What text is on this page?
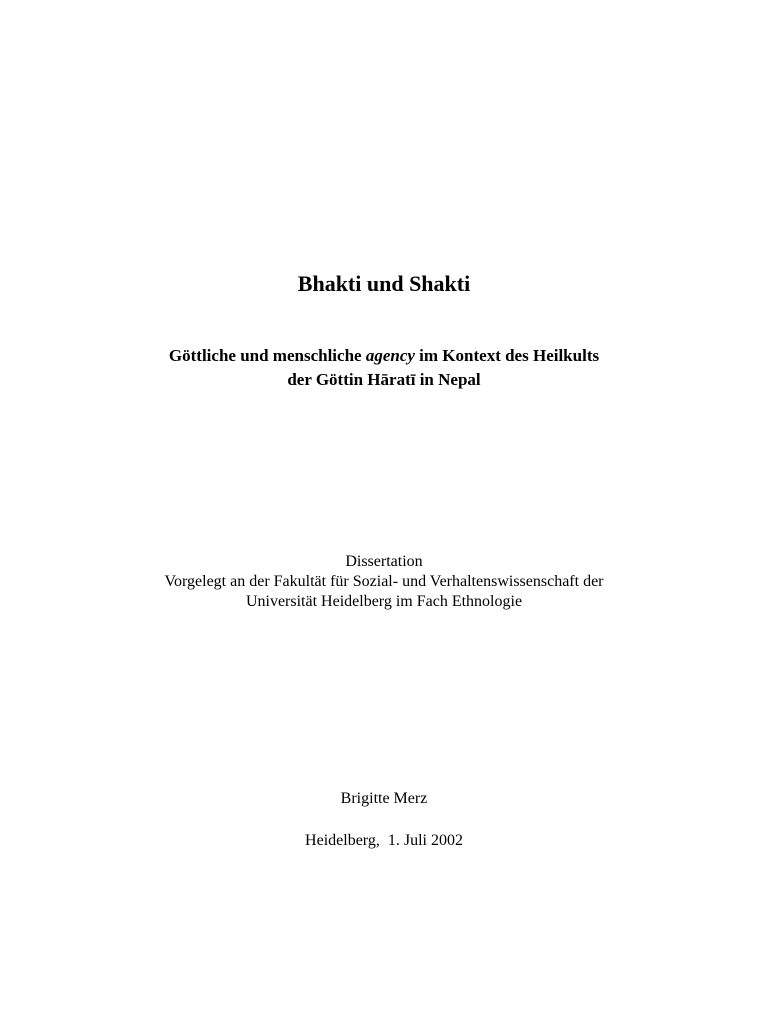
Bhakti und Shakti
Göttliche und menschliche agency im Kontext des Heilkults
der Göttin Hāratī in Nepal
Dissertation
Vorgelegt an der Fakultät für Sozial- und Verhaltenswissenschaft der
Universität Heidelberg im Fach Ethnologie
Brigitte Merz
Heidelberg,  1. Juli 2002
